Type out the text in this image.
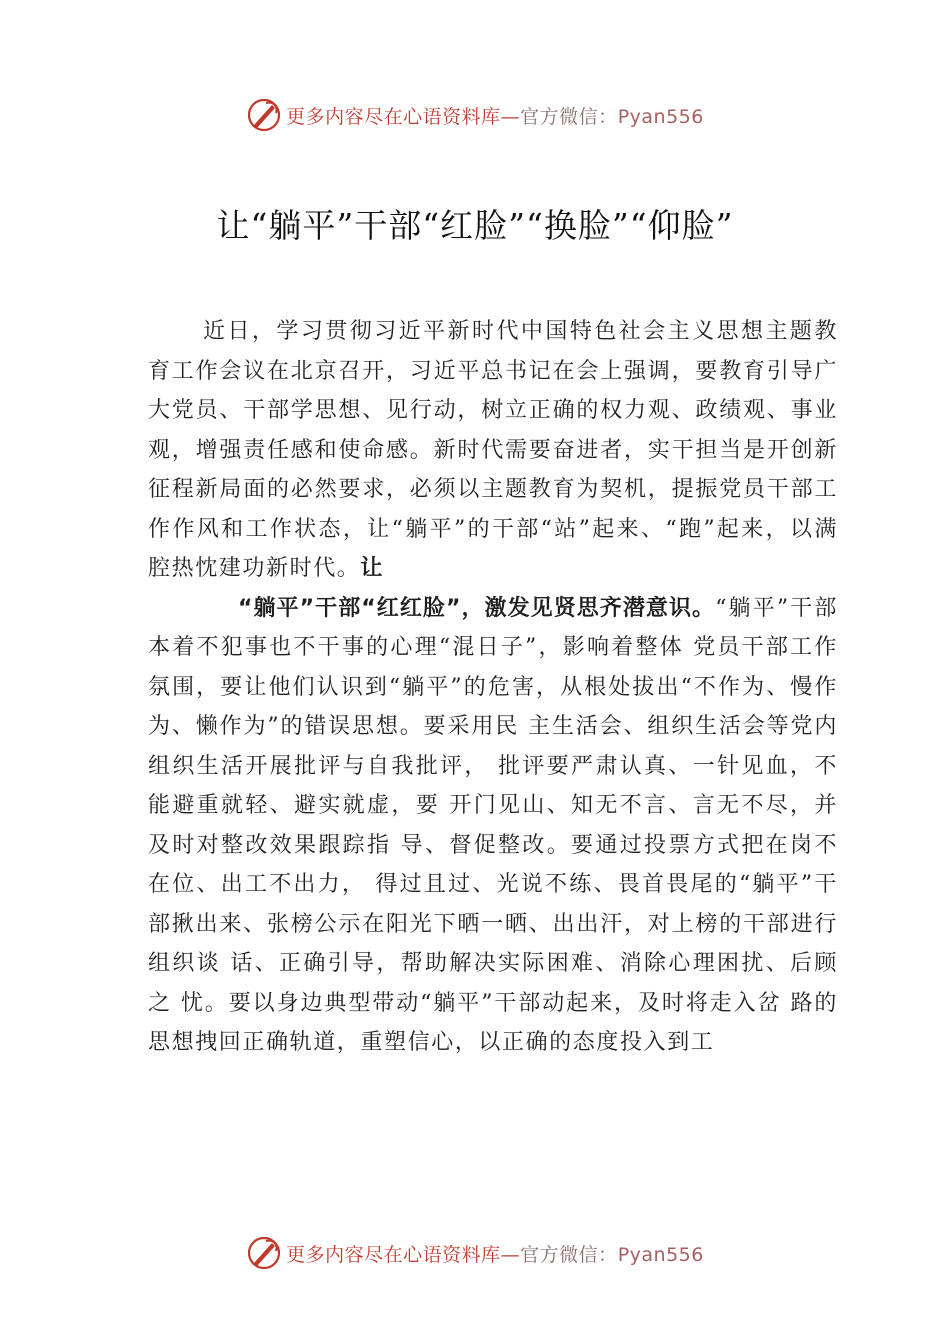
更多内容尽在心语资料库—官方微信：Pyan556
让“躺平”干部“红脸”“换脸”“仰脸”

近日，学习贯彻习近平新时代中国特色社会主义思想主题教育工作会议在北京召开，习近平总书记在会上强调，要教育引导广大党员、干部学思想、见行动，树立正确的权力观、政绩观、事业观，增强责任感和使命感。新时代需要奋进者，实干担当是开创新征程新局面的必然要求，必须以主题教育为契机，提振党员干部工作作风和工作状态，让“躺平”的干部“站”起来、“跑”起来，以满腔热忱建功新时代。让
“躺平”干部“红红脸”，激发见贤思齐潜意识。“躺平”干部本着不犯事也不干事的心理“混日子”，影响着整体 党员干部工作氛围，要让他们认识到“躺平”的危害，从根处拔出“不作为、慢作为、懒作为”的错误思想。要采用民 主生活会、组织生活会等党内组织生活开展批评与自我批评， 批评要严肃认真、一针见血，不能避重就轻、避实就虚，要 开门见山、知无不言、言无不尽，并及时对整改效果跟踪指 导、督促整改。要通过投票方式把在岗不在位、出工不出力， 得过且过、光说不练、畏首畏尾的“躺平”干部揪出来、张榜公示在阳光下晒一晒、出出汗，对上榜的干部进行组织谈 话、正确引导，帮助解决实际困难、消除心理困扰、后顾之 忧。要以身边典型带动“躺平”干部动起来，及时将走入岔 路的思想拽回正确轨道，重塑信心，以正确的态度投入到工

更多内容尽在心语资料库—官方微信：Pyan556
